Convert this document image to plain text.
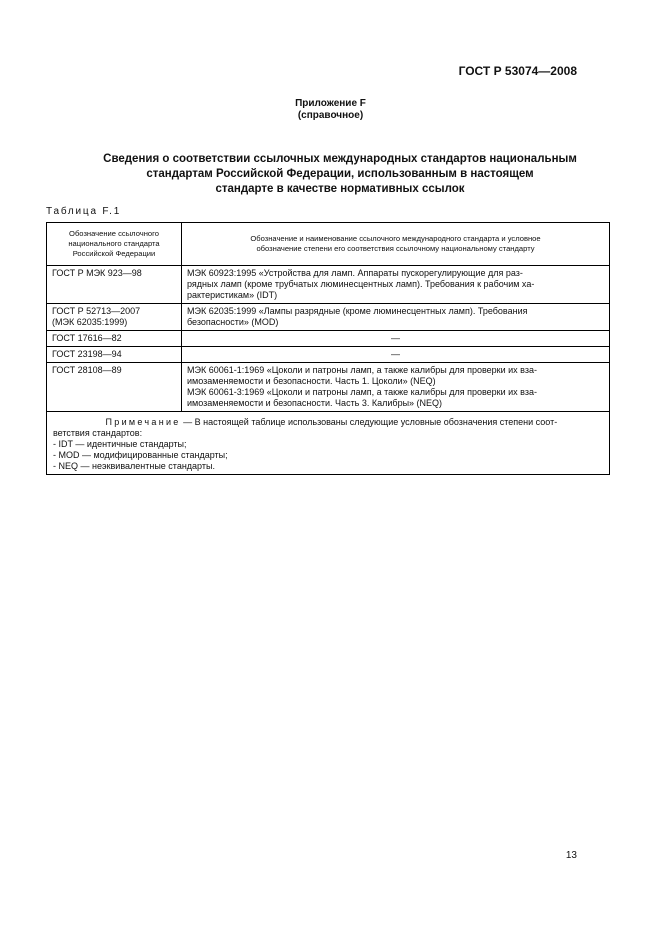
ГОСТ Р 53074—2008
Приложение F
(справочное)
Сведения о соответствии ссылочных международных стандартов национальным
стандартам Российской Федерации, использованным в настоящем
стандарте в качестве нормативных ссылок
Таблица F.1
Обозначение ссылочного
национального стандарта
Российской Федерации	Обозначение и наименование ссылочного международного стандарта и условное
обозначение степени его соответствия ссылочному национальному стандарту

ГОСТ Р МЭК 923—98	МЭК 60923:1995 «Устройства для ламп. Аппараты пускорегулирующие для раз-
рядных ламп (кроме трубчатых люминесцентных ламп). Требования к рабочим ха-
рактеристикам» (IDT)

ГОСТ Р 52713—2007
(МЭК 62035:1999)	МЭК 62035:1999 «Лампы разрядные (кроме люминесцентных ламп). Требования
безопасности» (MOD)

ГОСТ 17616—82	—

ГОСТ 23198—94	—

ГОСТ 28108—89	МЭК 60061-1:1969 «Цоколи и патроны ламп, а также калибры для проверки их вза-
имозаменяемости и безопасности. Часть 1. Цоколи» (NEQ)
МЭК 60061-3:1969 «Цоколи и патроны ламп, а также калибры для проверки их вза-
имозаменяемости и безопасности. Часть 3. Калибры» (NEQ)

Примечание — В настоящей таблице использованы следующие условные обозначения степени соот-
ветствия стандартов:
- IDT — идентичные стандарты;
- MOD — модифицированные стандарты;
- NEQ — неэквивалентные стандарты.	
13
